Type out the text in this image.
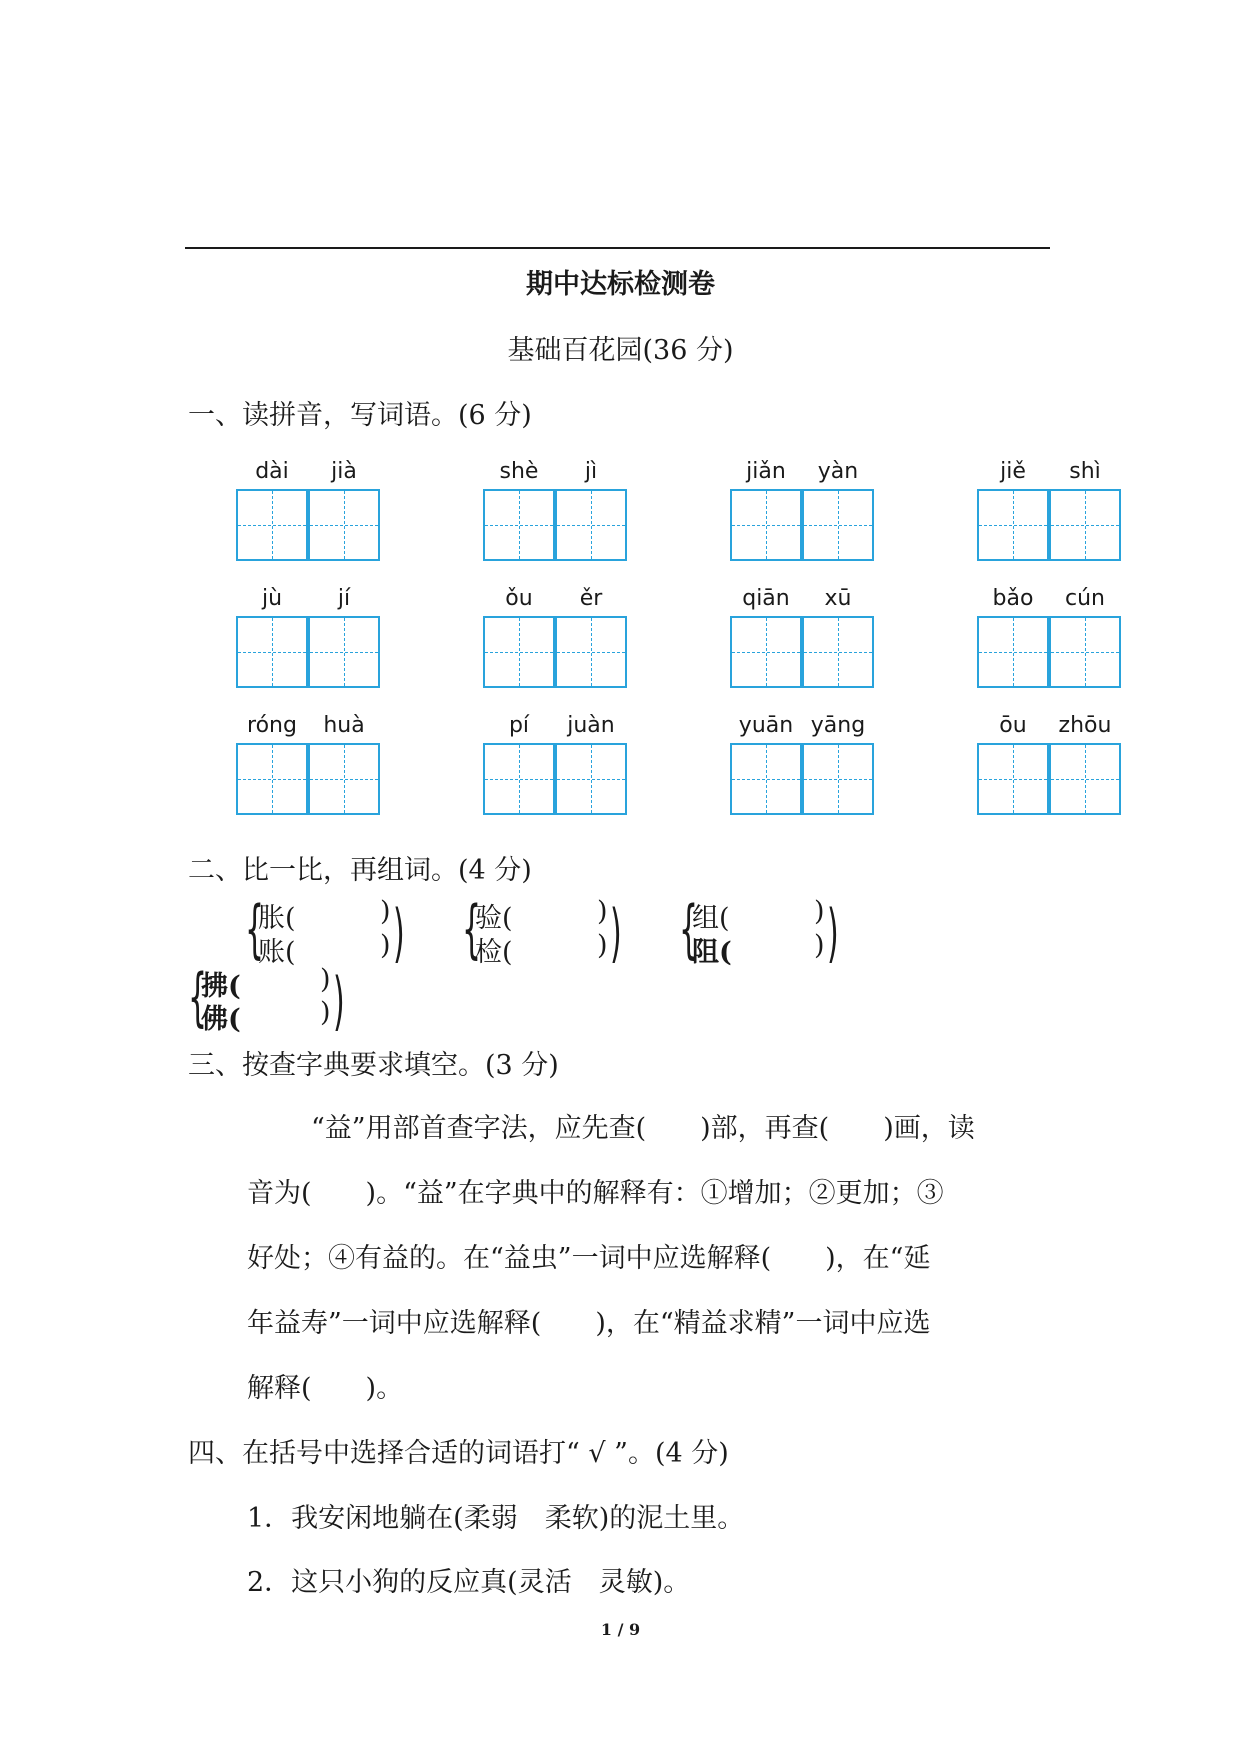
期中达标检测卷
基础百花园(36 分)
一、读拼音，写词语。(6 分)
dài	jià	shè	jì	jiǎn	yàn	jiě	shì
jù	jí	ǒu	ěr	qiān	xū	bǎo	cún
róng	huà	pí	juàn	yuān yāng	ōu	zhōu
二、比一比，再组词。(4 分)
{
胀(	)
账(	) ) {
验(	)
检(	) ) {
组(	)
阻(	) )
{
拂(	)
佛(	) )
三、按查字典要求填空。(3 分)
“益”用部首查字法，应先查(　　)部，再查(　　)画，读
音为(　　)。“益”在字典中的解释有：①增加；②更加；③
好处；④有益的。在“益虫”一词中应选解释(　　)，在“延
年益寿”一词中应选解释(　　)，在“精益求精”一词中应选
解释(　　)。
四、在括号中选择合适的词语打“ √ ”。(4 分)
1．我安闲地躺在(柔弱　柔软)的泥土里。
2．这只小狗的反应真(灵活　灵敏)。
1 / 9
